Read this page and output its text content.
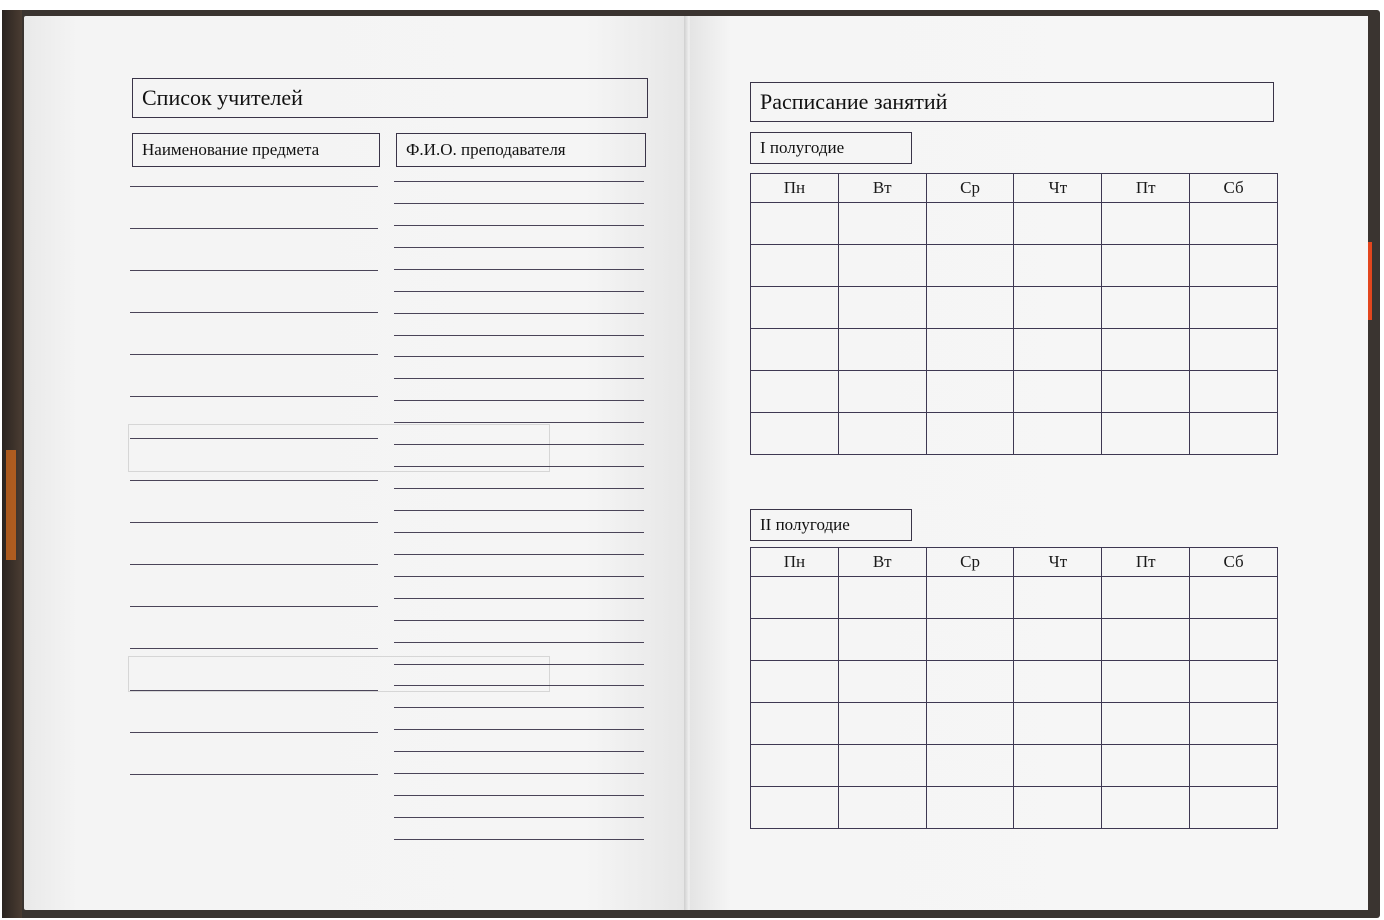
Список учителей
Наименование предмета	Ф.И.О. преподавателя
Расписание занятий
I полугодие
Пн	Вт	Ср	Чт	Пт	Сб

II полугодие
Пн	Вт	Ср	Чт	Пт	Сб
